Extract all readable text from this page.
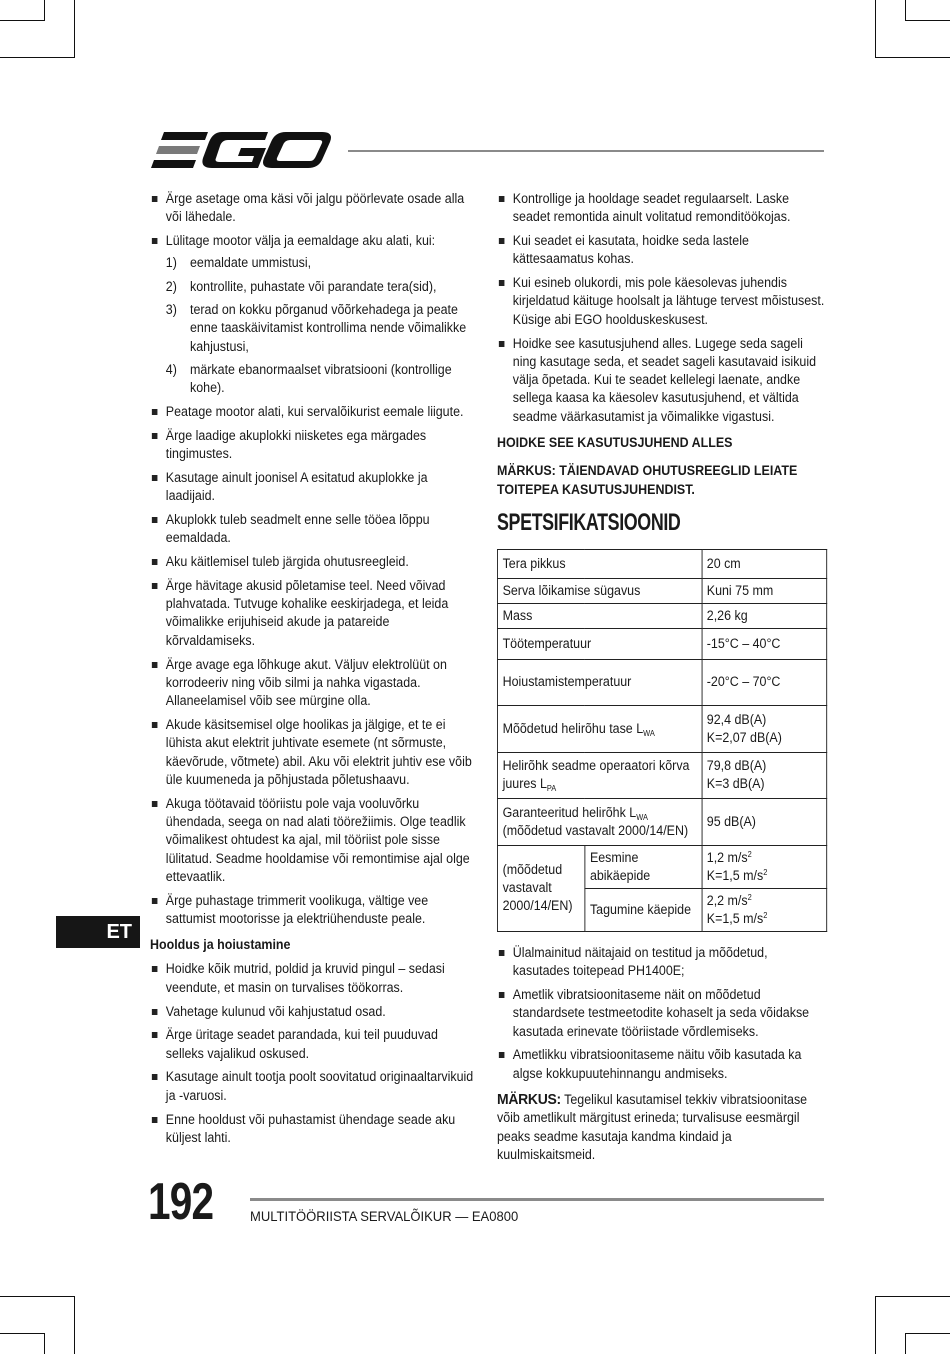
Ärge asetage oma käsi või jalgu pöörlevate osade alla või lähedale.
Lülitage mootor välja ja eemaldage aku alati, kui:
1) eemaldate ummistusi,
2) kontrollite, puhastate või parandate tera(sid),
3) terad on kokku põrganud võõrkehadega ja peate enne taaskäivitamist kontrollima nende võimalikke kahjustusi,
4) märkate ebanormaalset vibratsiooni (kontrollige kohe).
Peatage mootor alati, kui servalõikurist eemale liigute.
Ärge laadige akuplokki niisketes ega märgades tingimustes.
Kasutage ainult joonisel A esitatud akuplokke ja laadijaid.
Akuplokk tuleb seadmelt enne selle tööea lõppu eemaldada.
Aku käitlemisel tuleb järgida ohutusreegleid.
Ärge hävitage akusid põletamise teel. Need võivad plahvatada. Tutvuge kohalike eeskirjadega, et leida võimalikke erijuhiseid akude ja patareide kõrvaldamiseks.
Ärge avage ega lõhkuge akut. Väljuv elektrolüüt on korrodeeriv ning võib silmi ja nahka vigastada. Allaneelamisel võib see mürgine olla.
Akude käsitsemisel olge hoolikas ja jälgige, et te ei lühista akut elektrit juhtivate esemete (nt sõrmuste, käevõrude, võtmete) abil. Aku või elektrit juhtiv ese võib üle kuumeneda ja põhjustada põletushaavu.
Akuga töötavaid tööriistu pole vaja vooluvõrku ühendada, seega on nad alati töörežiimis. Olge teadlik võimalikest ohtudest ka ajal, mil tööriist pole sisse lülitatud. Seadme hooldamise või remontimise ajal olge ettevaatlik.
Ärge puhastage trimmerit voolikuga, vältige vee sattumist mootorisse ja elektriühenduste peale.
Hooldus ja hoiustamine
Hoidke kõik mutrid, poldid ja kruvid pingul – sedasi veendute, et masin on turvalises töökorras.
Vahetage kulunud või kahjustatud osad.
Ärge üritage seadet parandada, kui teil puuduvad selleks vajalikud oskused.
Kasutage ainult tootja poolt soovitatud originaaltarvikuid ja -varuosi.
Enne hooldust või puhastamist ühendage seade aku küljest lahti.
Kontrollige ja hooldage seadet regulaarselt. Laske seadet remontida ainult volitatud remonditöökojas.
Kui seadet ei kasutata, hoidke seda lastele kättesaamatus kohas.
Kui esineb olukordi, mis pole käesolevas juhendis kirjeldatud käituge hoolsalt ja lähtuge tervest mõistusest. Küsige abi EGO hoolduskeskusest.
Hoidke see kasutusjuhend alles. Lugege seda sageli ning kasutage seda, et seadet sageli kasutavaid isikuid välja õpetada. Kui te seadet kellelegi laenate, andke sellega kaasa ka käesolev kasutusjuhend, et vältida seadme väärkasutamist ja võimalikke vigastusi.
HOIDKE SEE KASUTUSJUHEND ALLES
MÄRKUS: TÄIENDAVAD OHUTUSREEGLID LEIATE TOITEPEA KASUTUSJUHENDIST.
SPETSIFIKATSIOONID
Tera pikkus		20 cm
Serva lõikamise sügavus		Kuni 75 mm
Mass		2,26 kg
Töötemperatuur		-15°C – 40°C
Hoiustamistemperatuur		-20°C – 70°C
Mõõdetud helirõhu tase $L_{WA}$		92,4 dB(A)
K=2,07 dB(A)
Helirõhk seadme operaatori kõrva juures $L_{PA}$		79,8 dB(A)
K=3 dB(A)
Garanteeritud helirõhk $L_{WA}$
(mõõdetud vastavalt 2000/14/EN)		95 dB(A)
(mõõdetud vastavalt 2000/14/EN)	Eesmine abikäepide	1,2 $m/s^2$
K=1,5 $m/s^2$
	Tagumine käepide	2,2 $m/s^2$
K=1,5 $m/s^2$
Ülalmainitud näitajaid on testitud ja mõõdetud, kasutades toitepead PH1400E;
Ametlik vibratsioonitaseme näit on mõõdetud standardsete testmeetodite kohaselt ja seda võidakse kasutada erinevate tööriistade võrdlemiseks.
Ametlikku vibratsioonitaseme näitu võib kasutada ka algse kokkupuutehinnangu andmiseks.

MÄRKUS: Tegelikul kasutamisel tekkiv vibratsioonitase võib ametlikult märgitust erineda; turvalisuse eesmärgil peaks seadme kasutaja kandma kindaid ja kuulmiskaitsmeid.

ET
192	MULTITÖÖRIISTA SERVALÕIKUR — EA0800
